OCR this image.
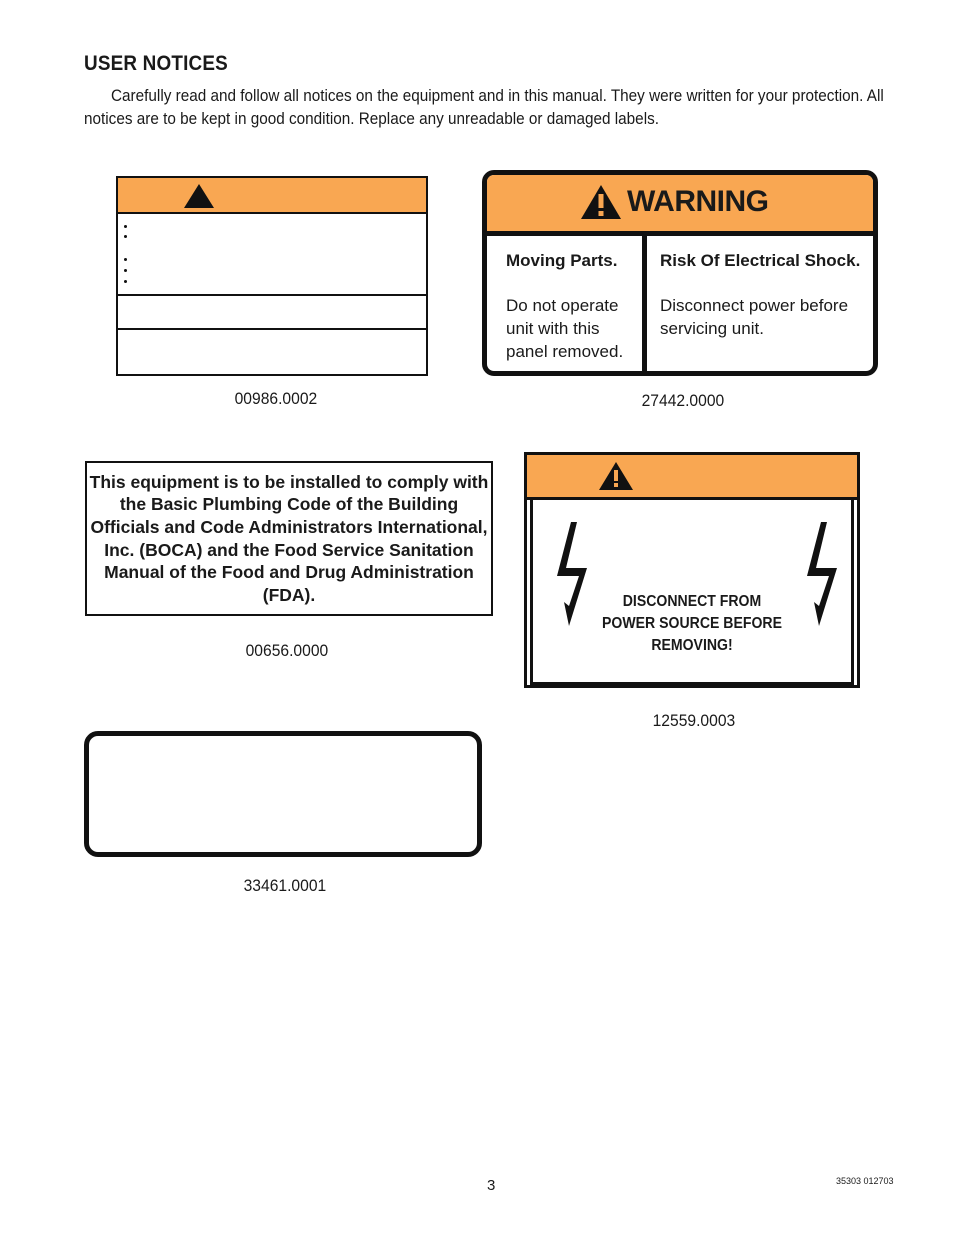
USER NOTICES

Carefully read and follow all notices on the equipment and in this manual. They were written for your protection. All notices are to be kept in good condition. Replace any unreadable or damaged labels.

00986.0002
WARNING
Moving Parts.
Do not operate unit with this panel removed.
Risk Of Electrical Shock.
Disconnect power before servicing unit.
27442.0000
This equipment is to be installed to comply with the Basic Plumbing Code of the Building Officials and Code Administrators International, Inc. (BOCA) and the Food Service Sanitation Manual of the Food and Drug Administration (FDA).
00656.0000
DISCONNECT FROM POWER SOURCE BEFORE REMOVING!
12559.0003
33461.0001
3	35303 012703
